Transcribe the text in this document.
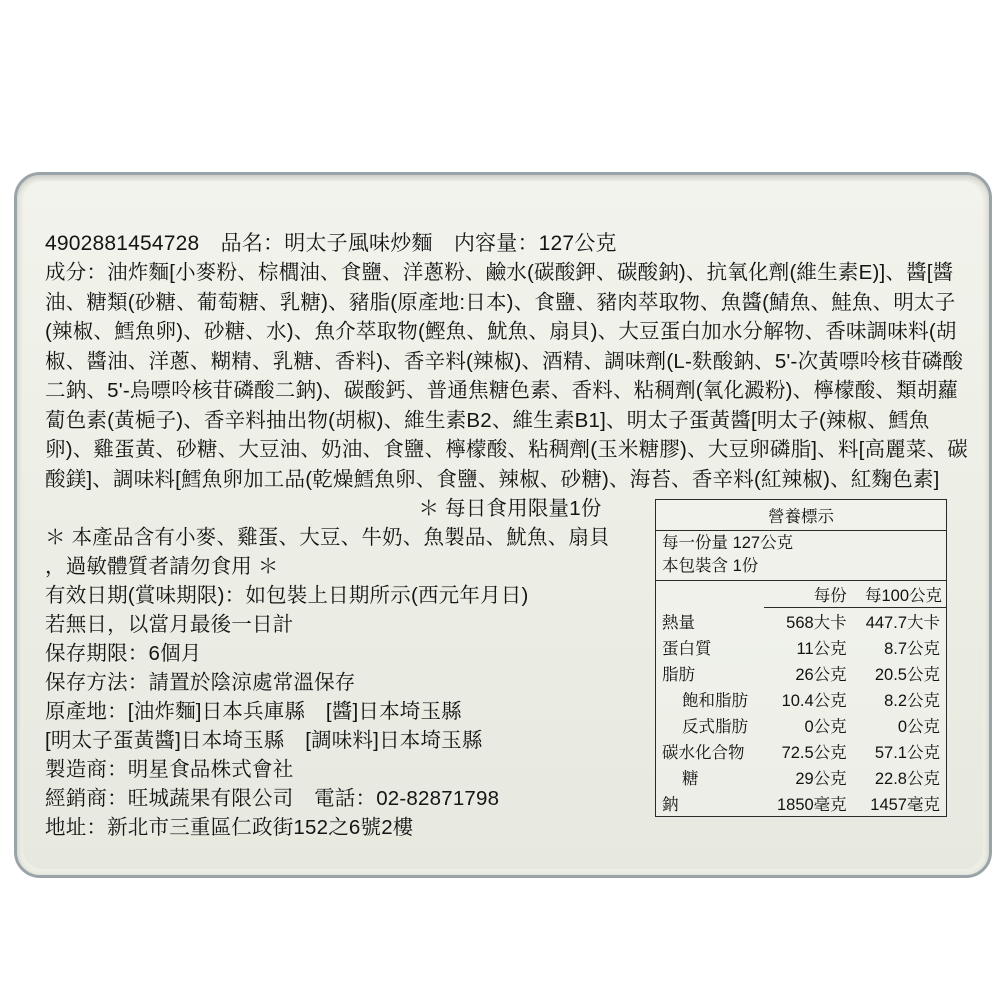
4902881454728　 品名：明太子風味炒麵　 内容量：127公克

成分：油炸麵[小麥粉、棕櫚油、食鹽、洋蔥粉、鹼水(碳酸鉀、碳酸鈉)、抗氧化劑(維生素E)]、醬[醬油、糖類(砂糖、葡萄糖、乳糖)、豬脂(原產地:日本)、食鹽、豬肉萃取物、魚醬(鯖魚、鮭魚、明太子(辣椒、鱈魚卵)、砂糖、水)、魚介萃取物(鰹魚、魷魚、扇貝)、大豆蛋白加水分解物、香味調味料(胡椒、醬油、洋蔥、糊精、乳糖、香料)、香辛料(辣椒)、酒精、調味劑(L-麩酸鈉、5'-次黃嘌呤核苷磷酸二鈉、5'-烏嘌呤核苷磷酸二鈉)、碳酸鈣、普通焦糖色素、香料、粘稠劑(氧化澱粉)、檸檬酸、類胡蘿蔔色素(黃梔子)、香辛料抽出物(胡椒)、維生素B2、維生素B1]、明太子蛋黃醬[明太子(辣椒、鱈魚卵)、雞蛋黃、砂糖、大豆油、奶油、食鹽、檸檬酸、粘稠劑(玉米糖膠)、大豆卵磷脂]、料[高麗菜、碳酸鎂]、調味料[鱈魚卵加工品(乾燥鱈魚卵、食鹽、辣椒、砂糖)、海苔、香辛料(紅辣椒)、紅麴色素]

＊ 每日食用限量1份
＊ 本產品含有小麥、雞蛋、大豆、牛奶、魚製品、魷魚、扇貝
，過敏體質者請勿食用 ＊
有效日期(賞味期限)：如包裝上日期所示(西元年月日)
若無日，以當月最後一日計
保存期限：6個月
保存方法：請置於陰涼處常溫保存
原產地：[油炸麵]日本兵庫縣　[醬]日本埼玉縣
[明太子蛋黃醬]日本埼玉縣　[調味料]日本埼玉縣
製造商：明星食品株式會社
經銷商：旺城蔬果有限公司　電話：02-82871798
地址：新北市三重區仁政街152之6號2樓
營養標示
每一份量 127公克
本包裝含 1份
	每份	每100公克
熱量	568大卡	447.7大卡
蛋白質	11公克	8.7公克
脂肪	26公克	20.5公克
飽和脂肪	10.4公克	8.2公克
反式脂肪	0公克	0公克
碳水化合物	72.5公克	57.1公克
糖	29公克	22.8公克
鈉	1850毫克	1457毫克
